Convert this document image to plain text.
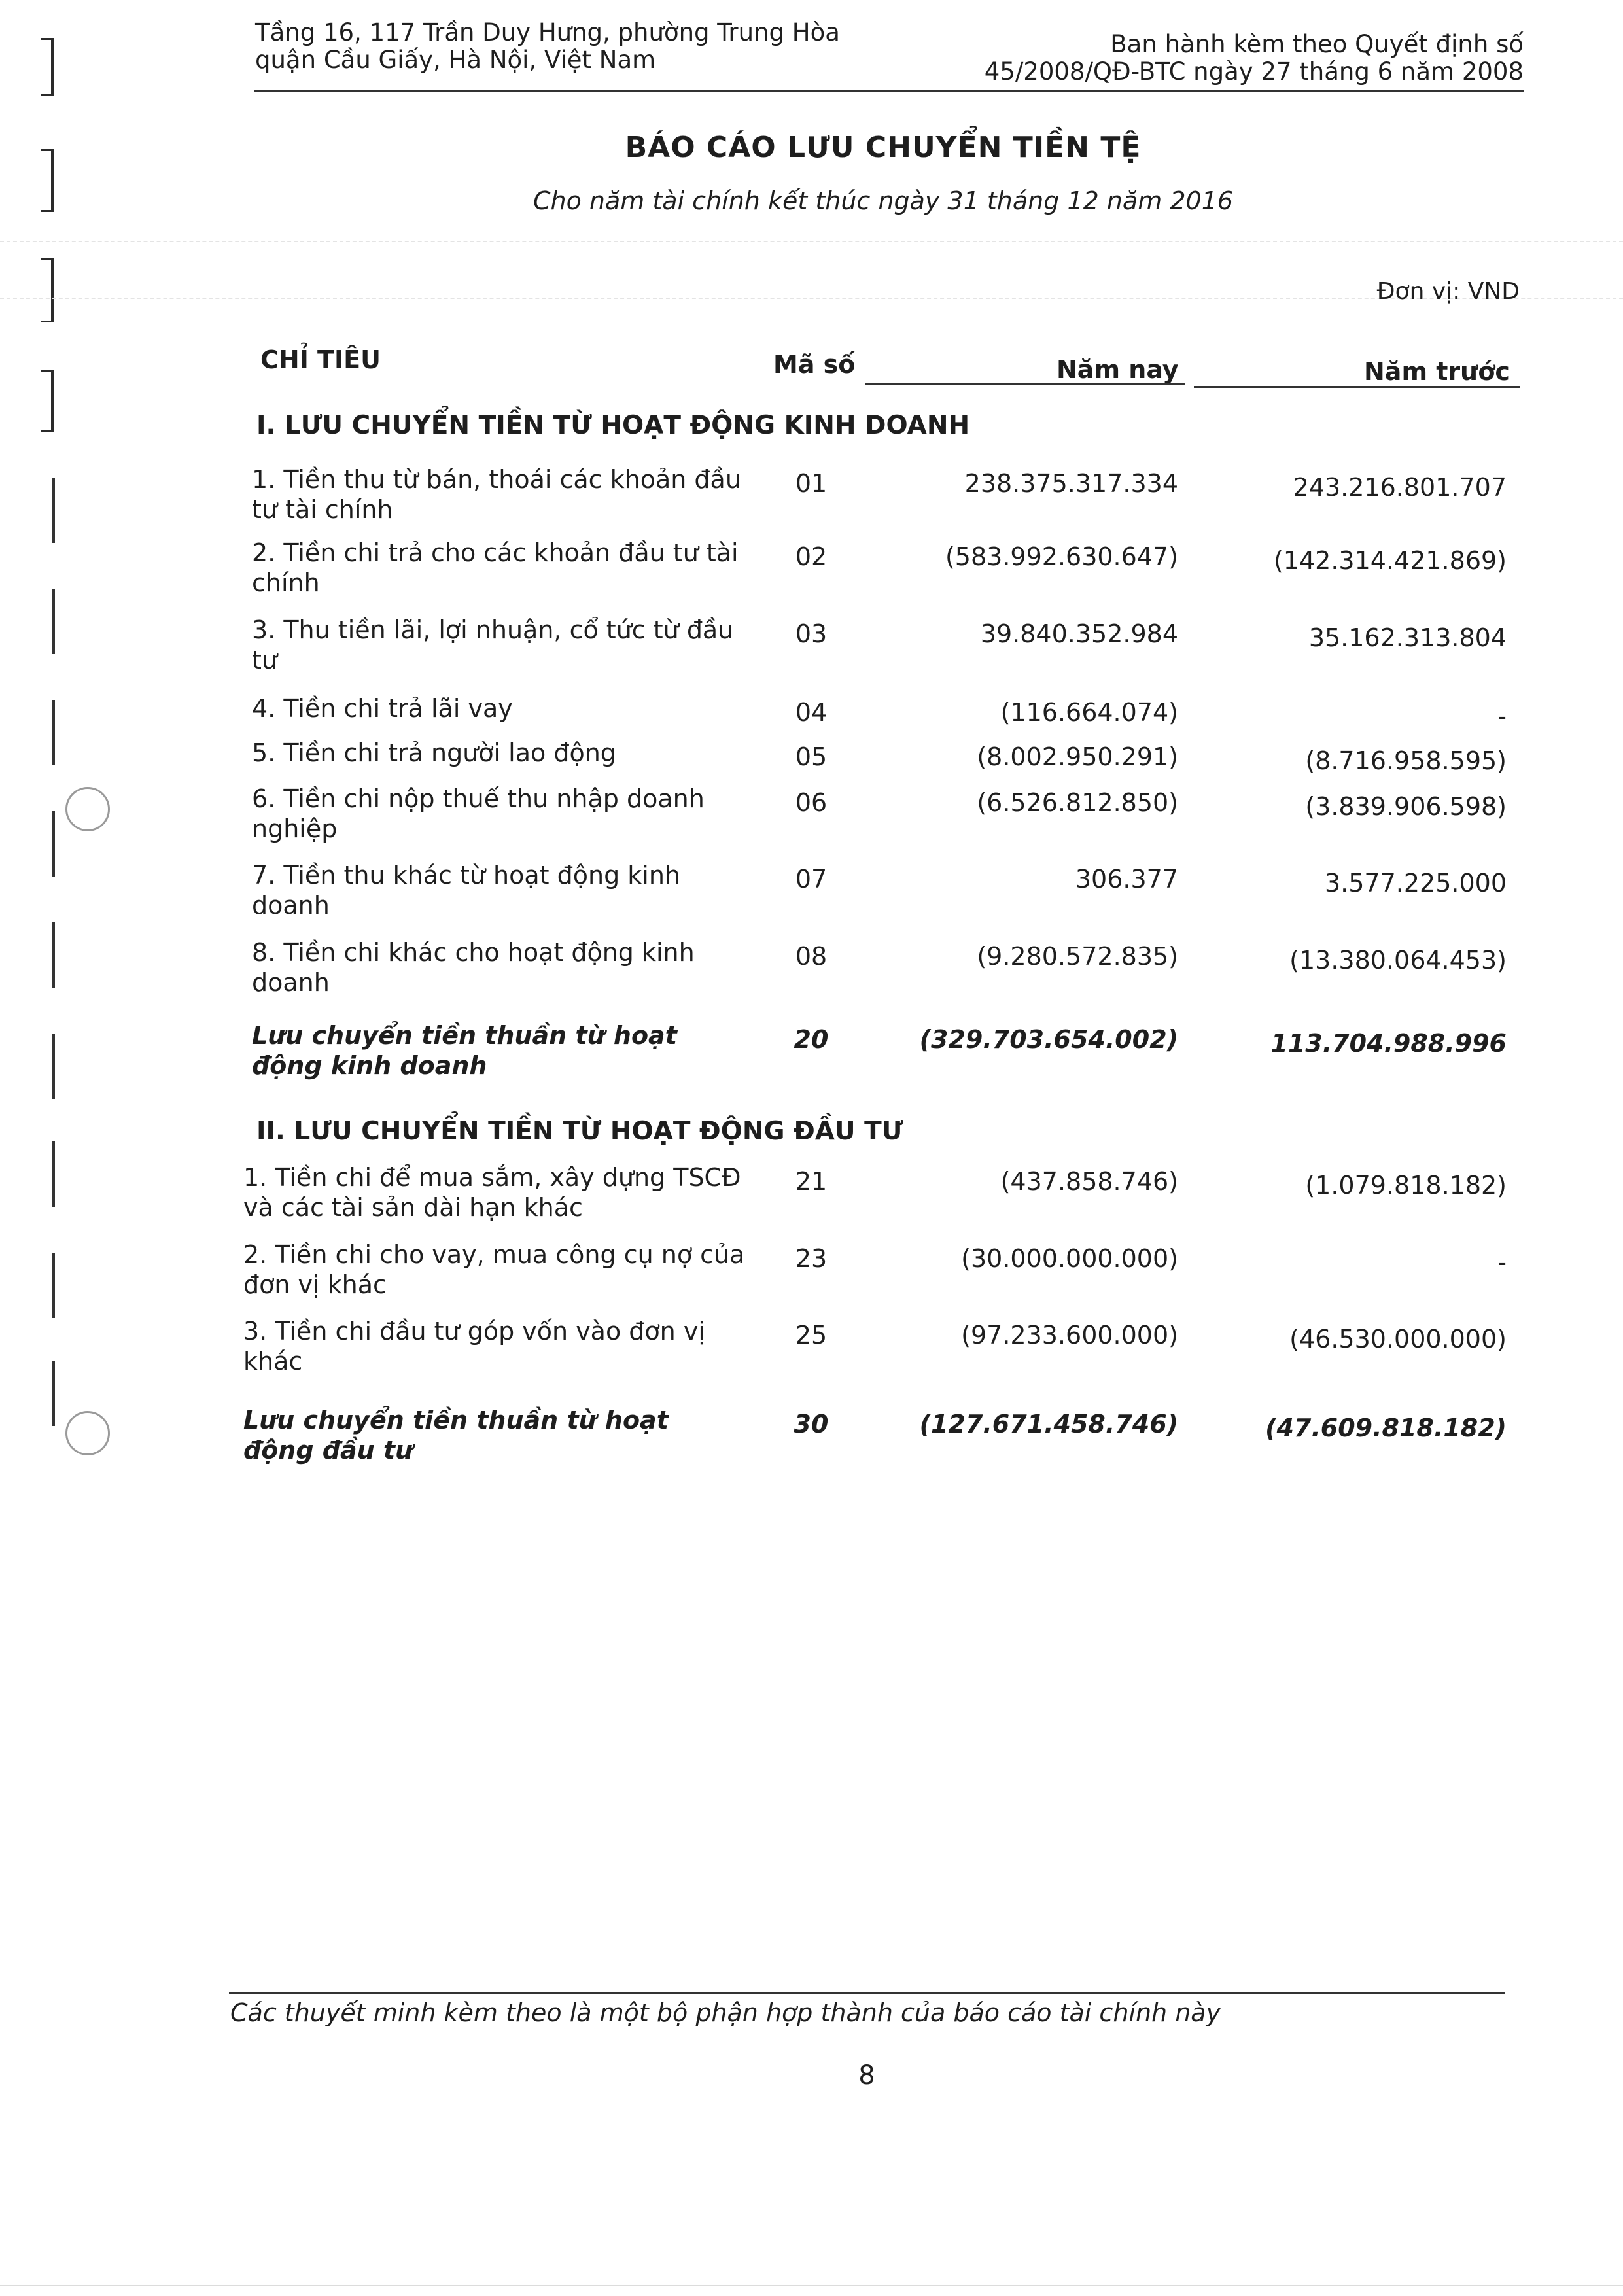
Tầng 16, 117 Trần Duy Hưng, phường Trung Hòa
quận Cầu Giấy, Hà Nội, Việt Nam
Ban hành kèm theo Quyết định số
45/2008/QĐ-BTC ngày 27 tháng 6 năm 2008
BÁO CÁO LƯU CHUYỂN TIỀN TỆ
Cho năm tài chính kết thúc ngày 31 tháng 12 năm 2016
Đơn vị: VND
CHỈ TIÊU	Mã số	Năm nay	Năm trước
I. LƯU CHUYỂN TIỀN TỪ HOẠT ĐỘNG KINH DOANH
1. Tiền thu từ bán, thoái các khoản đầu tư tài chính
01	238.375.317.334	243.216.801.707
2. Tiền chi trả cho các khoản đầu tư tài chính
02	(583.992.630.647)	(142.314.421.869)
3. Thu tiền lãi, lợi nhuận, cổ tức từ đầu tư
03	39.840.352.984	35.162.313.804
4. Tiền chi trả lãi vay	04	(116.664.074)	-
5. Tiền chi trả người lao động	05	(8.002.950.291)	(8.716.958.595)
6. Tiền chi nộp thuế thu nhập doanh nghiệp
06	(6.526.812.850)	(3.839.906.598)
7. Tiền thu khác từ hoạt động kinh doanh
07	306.377	3.577.225.000
8. Tiền chi khác cho hoạt động kinh doanh
08	(9.280.572.835)	(13.380.064.453)
Lưu chuyển tiền thuần từ hoạt động kinh doanh
20	(329.703.654.002)	113.704.988.996
II. LƯU CHUYỂN TIỀN TỪ HOẠT ĐỘNG ĐẦU TƯ
1. Tiền chi để mua sắm, xây dựng TSCĐ và các tài sản dài hạn khác
21	(437.858.746)	(1.079.818.182)
2. Tiền chi cho vay, mua công cụ nợ của đơn vị khác
23	(30.000.000.000)	-
3. Tiền chi đầu tư góp vốn vào đơn vị khác
25	(97.233.600.000)	(46.530.000.000)
Lưu chuyển tiền thuần từ hoạt động đầu tư
30	(127.671.458.746)	(47.609.818.182)
Các thuyết minh kèm theo là một bộ phận hợp thành của báo cáo tài chính này
8
